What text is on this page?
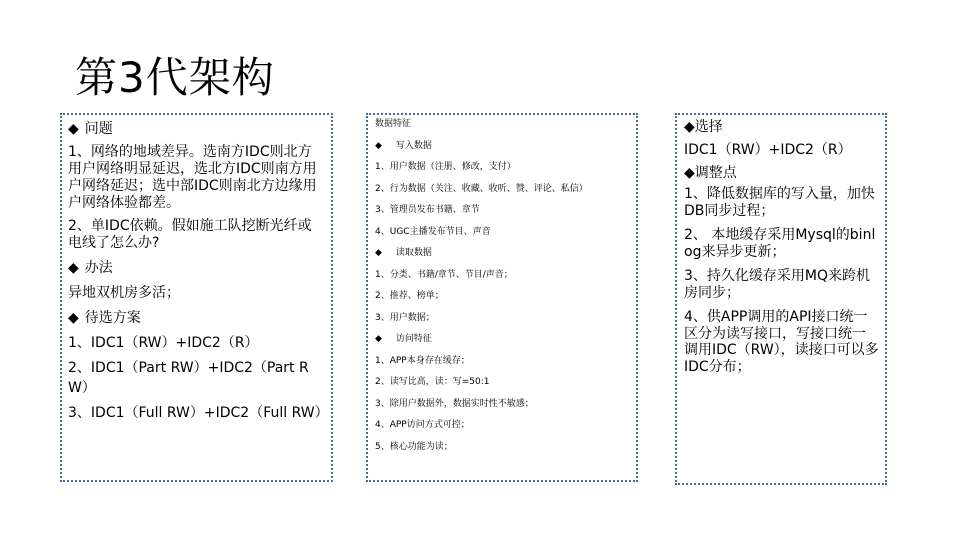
第3代架构
◆ 问题
1、网络的地域差异。选南方IDC则北方用户网络明显延迟，选北方IDC则南方用户网络延迟；选中部IDC则南北方边缘用户网络体验都差。
2、单IDC依赖。假如施工队挖断光纤或电线了怎么办?
◆ 办法
异地双机房多活；
◆ 待选方案
1、IDC1（RW）+IDC2（R）
2、IDC1（Part RW）+IDC2（Part RW）
3、IDC1（Full RW）+IDC2（Full RW）
数据特征
◆ 写入数据
1、用户数据（注册、修改，支付）
2、行为数据（关注、收藏、收听、赞、评论、私信）
3、管理员发布书籍、章节
4、UGC主播发布节目、声音
◆ 读取数据
1、分类、书籍/章节、节目/声音；
2、推荐、榜单；
3、用户数据；
◆ 访问特征
1、APP本身存在缓存；
2、读写比高，读：写=50:1
3、除用户数据外，数据实时性不敏感；
4、APP访问方式可控；
5、核心功能为读；
◆选择
IDC1（RW）+IDC2（R）
◆调整点
1、降低数据库的写入量，加快DB同步过程；
2、 本地缓存采用Mysql的binlog来异步更新；
3、持久化缓存采用MQ来跨机房同步；
4、供APP调用的API接口统一区分为读写接口，写接口统一调用IDC（RW），读接口可以多IDC分布；
